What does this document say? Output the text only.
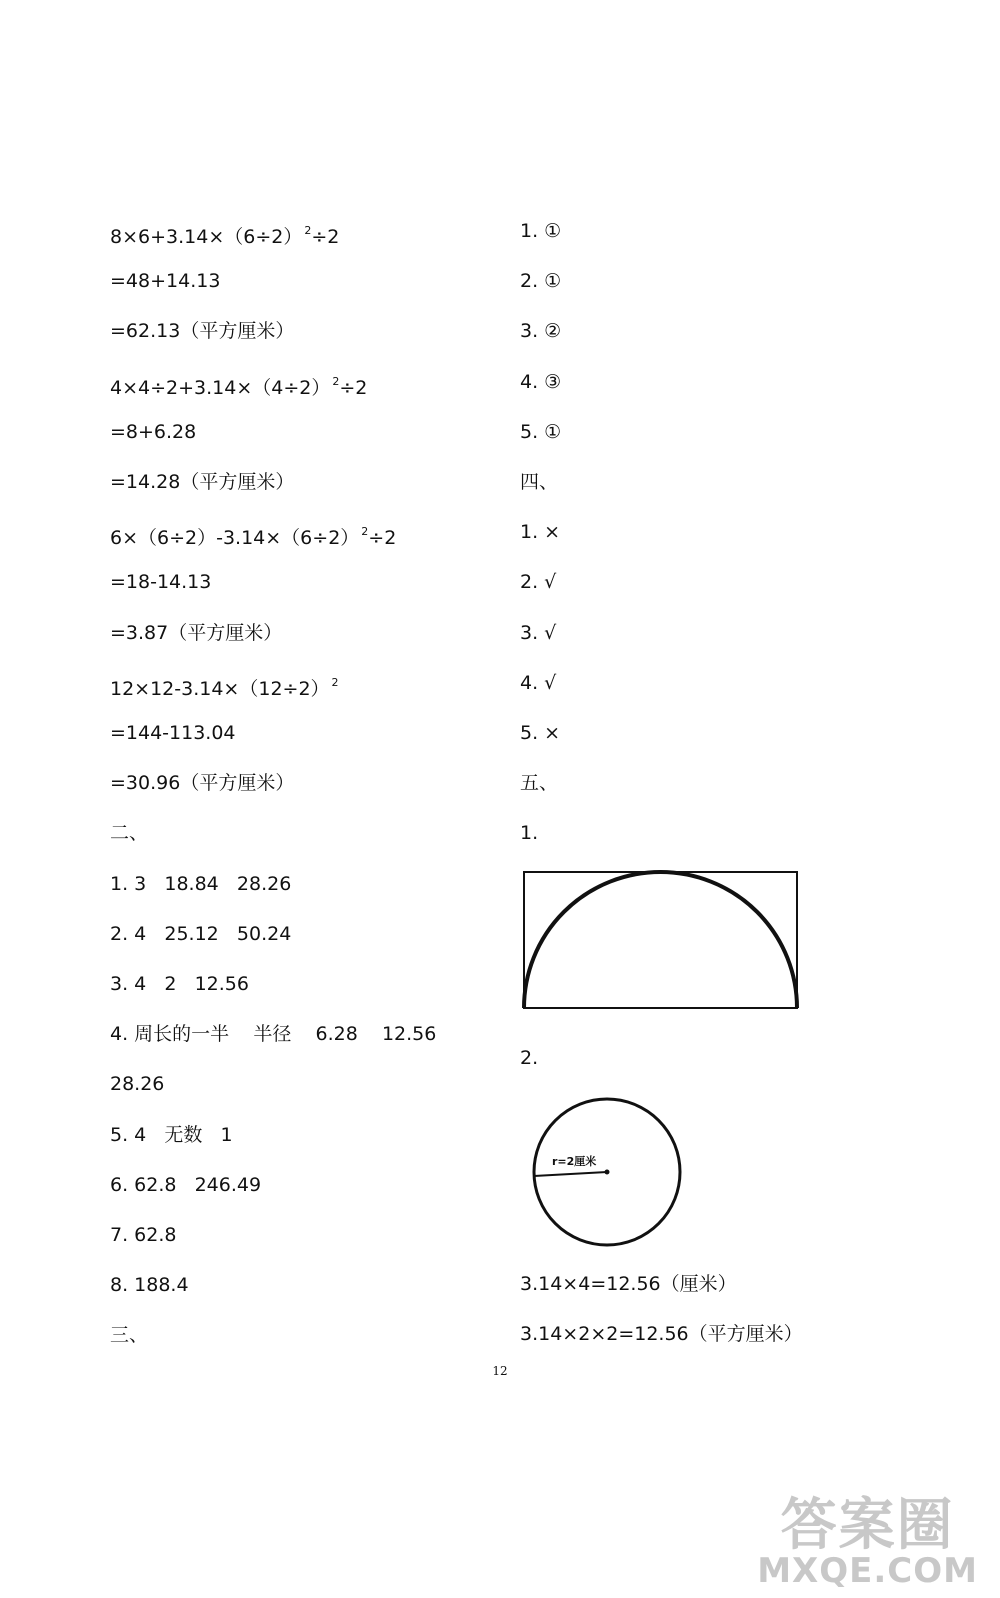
8×6+3.14×（6÷2） $^2$÷2
=48+14.13
=62.13（平方厘米）
4×4÷2+3.14×（4÷2） $^2$÷2
=8+6.28
=14.28（平方厘米）
6×（6÷2）-3.14×（6÷2） $^2$÷2
=18-14.13
=3.87（平方厘米）
12×12-3.14×（12÷2） $^2$
=144-113.04
=30.96（平方厘米）
二、
1. 3   18.84   28.26
2. 4   25.12   50.24
3. 4   2   12.56
4. 周长的一半    半径    6.28    12.56
28.26
5. 4   无数   1
6. 62.8   246.49
7. 62.8
8. 188.4
三、
1. ①
2. ①
3. ②
4. ③
5. ①
四、
1. ×
2. √
3. √
4. √
5. ×
五、
1.
3.14×4=12.56（厘米）
3.14×2×2=12.56（平方厘米）
2.
r=2厘米
12
答案圈
MXQE.COM
